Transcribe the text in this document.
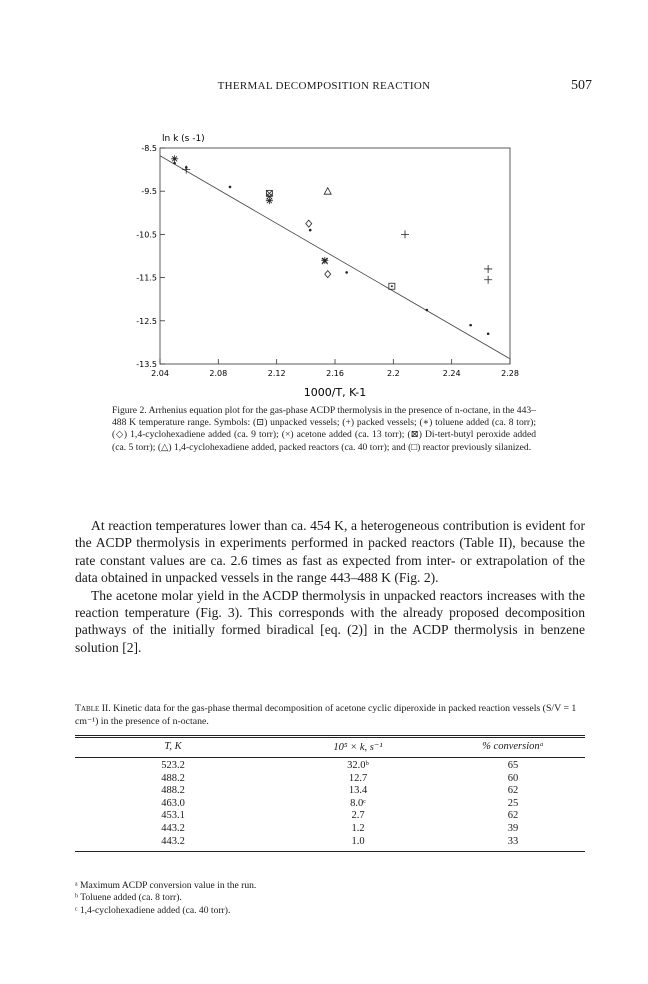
THERMAL DECOMPOSITION REACTION	507
ln k (s -1)
1000/T, K-1
2.04	2.08	2.12	2.16	2.2	2.24	2.28
-8.5
-9.5
-10.5
-11.5
-12.5
-13.5
Figure 2. Arrhenius equation plot for the gas-phase ACDP thermolysis in the presence of n-octane, in the 443–488 K temperature range. Symbols: (⊡) unpacked vessels; (+) packed vessels; (∗) toluene added (ca. 8 torr); (◇) 1,4-cyclohexadiene added (ca. 9 torr); (×) acetone added (ca. 13 torr); (⊠) Di-tert-butyl peroxide added (ca. 5 torr); (△) 1,4-cyclohexadiene added, packed reactors (ca. 40 torr); and (□) reactor previously silanized.

At reaction temperatures lower than ca. 454 K, a heterogeneous contribution is evident for the ACDP thermolysis in experiments performed in packed reactors (Table II), because the rate constant values are ca. 2.6 times as fast as expected from inter- or extrapolation of the data obtained in unpacked vessels in the range 443–488 K (Fig. 2).

The acetone molar yield in the ACDP thermolysis in unpacked reactors increases with the reaction temperature (Fig. 3). This corresponds with the already proposed decomposition pathways of the initially formed biradical [eq. (2)] in the ACDP thermolysis in benzene solution [2].

Table II. Kinetic data for the gas-phase thermal decomposition of acetone cyclic diperoxide in packed reaction vessels (S/V = 1 cm⁻¹) in the presence of n-octane.
T, K	10⁵ × k, s⁻¹	% conversionᵃ
523.2	32.0ᵇ	65
488.2	12.7	60
488.2	13.4	62
463.0	8.0ᶜ	25
453.1	2.7	62
443.2	1.2	39
443.2	1.0	33
ᵃ Maximum ACDP conversion value in the run.
ᵇ Toluene added (ca. 8 torr).
ᶜ 1,4-cyclohexadiene added (ca. 40 torr).
